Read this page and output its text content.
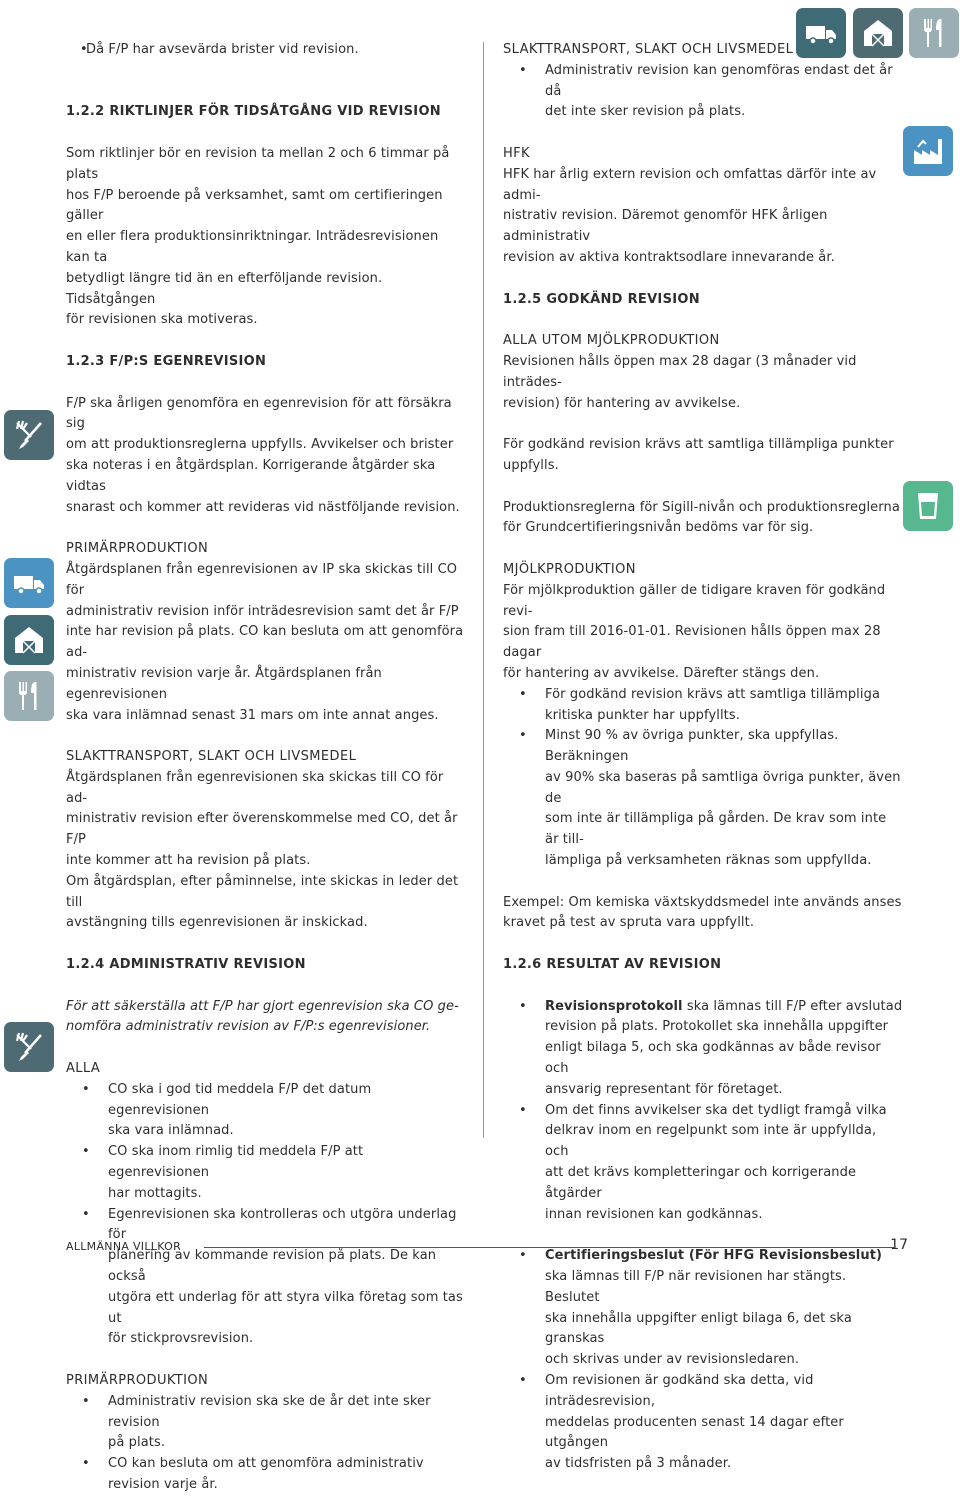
• Då F/P har avsevärda brister vid revision.
1.2.2 RIKTLINJER FÖR TIDSÅTGÅNG VID REVISION

Som riktlinjer bör en revision ta mellan 2 och 6 timmar på plats
hos F/P beroende på verksamhet, samt om certifieringen gäller
en eller flera produktionsinriktningar. Inträdesrevisionen kan ta
betydligt längre tid än en efterföljande revision. Tidsåtgången
för revisionen ska motiveras.

1.2.3 F/P:S EGENREVISION

F/P ska årligen genomföra en egenrevision för att försäkra sig
om att produktionsreglerna uppfylls. Avvikelser och brister
ska noteras i en åtgärdsplan. Korrigerande åtgärder ska vidtas
snarast och kommer att revideras vid nästföljande revision.

PRIMÄRPRODUKTION

Åtgärdsplanen från egenrevisionen av IP ska skickas till CO för
administrativ revision inför inträdesrevision samt det år F/P
inte har revision på plats. CO kan besluta om att genomföra ad-
ministrativ revision varje år. Åtgärdsplanen från egenrevisionen
ska vara inlämnad senast 31 mars om inte annat anges.

SLAKTTRANSPORT, SLAKT OCH LIVSMEDEL

Åtgärdsplanen från egenrevisionen ska skickas till CO för ad-
ministrativ revision efter överenskommelse med CO, det år F/P
inte kommer att ha revision på plats.
Om åtgärdsplan, efter påminnelse, inte skickas in leder det till
avstängning tills egenrevisionen är inskickad.

1.2.4 ADMINISTRATIV REVISION

För att säkerställa att F/P har gjort egenrevision ska CO ge-
nomföra administrativ revision av F/P:s egenrevisioner.

ALLA

• CO ska i god tid meddela F/P det datum egenrevisionen
ska vara inlämnad.
• CO ska inom rimlig tid meddela F/P att egenrevisionen
har mottagits.
• Egenrevisionen ska kontrolleras och utgöra underlag för
planering av kommande revision på plats. De kan också
utgöra ett underlag för att styra vilka företag som tas ut
för stickprovsrevision.

PRIMÄRPRODUKTION

• Administrativ revision ska ske de år det inte sker revision
på plats.
• CO kan besluta om att genomföra administrativ
revision varje år.

SLAKTTRANSPORT, SLAKT OCH LIVSMEDEL

• Administrativ revision kan genomföras endast det år då
det inte sker revision på plats.

HFK

HFK har årlig extern revision och omfattas därför inte av admi-
nistrativ revision. Däremot genomför HFK årligen administrativ
revision av aktiva kontraktsodlare innevarande år.

1.2.5 GODKÄND REVISION

ALLA UTOM MJÖLKPRODUKTION

Revisionen hålls öppen max 28 dagar (3 månader vid inträdes-
revision) för hantering av avvikelse.

För godkänd revision krävs att samtliga tillämpliga punkter
uppfylls.

Produktionsreglerna för Sigill-nivån och produktionsreglerna
för Grundcertifieringsnivån bedöms var för sig.

MJÖLKPRODUKTION

För mjölkproduktion gäller de tidigare kraven för godkänd revi-
sion fram till 2016-01-01. Revisionen hålls öppen max 28 dagar
för hantering av avvikelse. Därefter stängs den.

• För godkänd revision krävs att samtliga tillämpliga
kritiska punkter har uppfyllts.
• Minst 90 % av övriga punkter, ska uppfyllas. Beräkningen
av 90% ska baseras på samtliga övriga punkter, även de
som inte är tillämpliga på gården. De krav som inte är till-
lämpliga på verksamheten räknas som uppfyllda.

Exempel: Om kemiska växtskyddsmedel inte används anses
kravet på test av spruta vara uppfyllt.

1.2.6 RESULTAT AV REVISION
• Revisionsprotokoll ska lämnas till F/P efter avslutad
revision på plats. Protokollet ska innehålla uppgifter
enligt bilaga 5, och ska godkännas av både revisor och
ansvarig representant för företaget.
• Om det finns avvikelser ska det tydligt framgå vilka
delkrav inom en regelpunkt som inte är uppfyllda, och
att det krävs kompletteringar och korrigerande åtgärder
innan revisionen kan godkännas.
• Certifieringsbeslut (För HFG Revisionsbeslut)
ska lämnas till F/P när revisionen har stängts. Beslutet
ska innehålla uppgifter enligt bilaga 6, det ska granskas
och skrivas under av revisionsledaren.
• Om revisionen är godkänd ska detta, vid inträdesrevision,
meddelas producenten senast 14 dagar efter utgången
av tidsfristen på 3 månader.
ALLMÄNNA VILLKOR	17
